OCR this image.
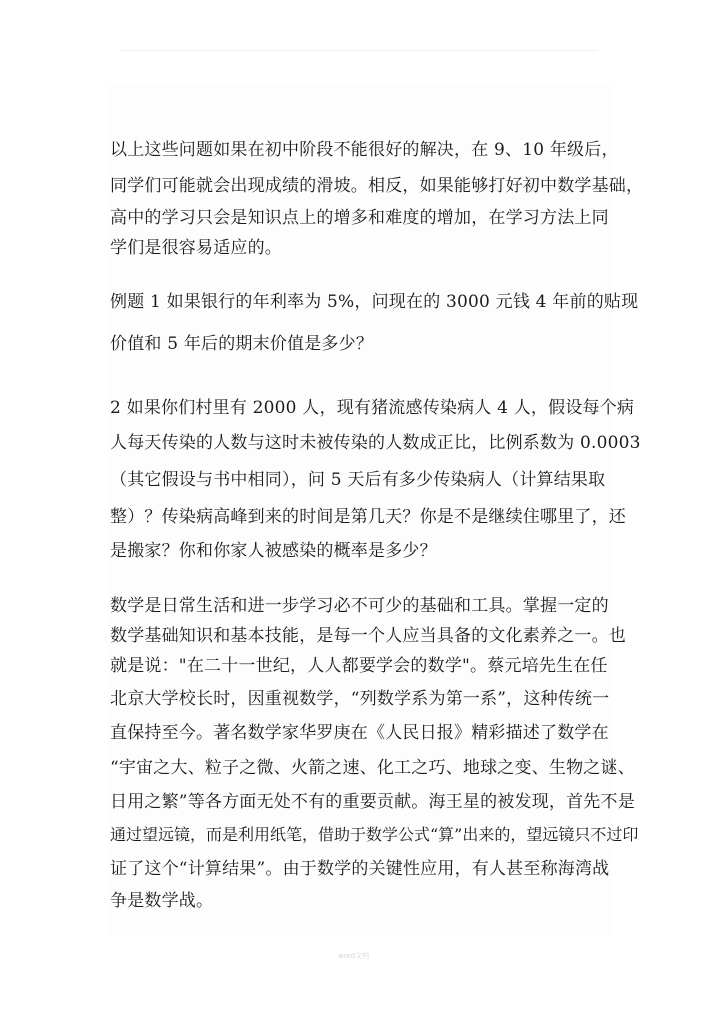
以上这些问题如果在初中阶段不能很好的解决，在 9、10 年级后，
同学们可能就会出现成绩的滑坡。相反，如果能够打好初中数学基础，
高中的学习只会是知识点上的增多和难度的增加，在学习方法上同
学们是很容易适应的。
例题 1 如果银行的年利率为 5%，问现在的 3000 元钱 4 年前的贴现
价值和 5 年后的期末价值是多少？
2 如果你们村里有 2000 人，现有猪流感传染病人 4 人，假设每个病
人每天传染的人数与这时未被传染的人数成正比，比例系数为 0.0003
（其它假设与书中相同），问 5 天后有多少传染病人（计算结果取
整）？传染病高峰到来的时间是第几天？你是不是继续住哪里了，还
是搬家？你和你家人被感染的概率是多少？
数学是日常生活和进一步学习必不可少的基础和工具。掌握一定的
数学基础知识和基本技能，是每一个人应当具备的文化素养之一。也
就是说："在二十一世纪，人人都要学会的数学"。蔡元培先生在任
北京大学校长时，因重视数学，“列数学系为第一系”，这种传统一
直保持至今。著名数学家华罗庚在《人民日报》精彩描述了数学在
“宇宙之大、粒子之微、火箭之速、化工之巧、地球之变、生物之谜、
日用之繁”等各方面无处不有的重要贡献。海王星的被发现，首先不是
通过望远镜，而是利用纸笔，借助于数学公式“算”出来的，望远镜只不过印
证了这个“计算结果”。由于数学的关键性应用，有人甚至称海湾战
争是数学战。
word文档
